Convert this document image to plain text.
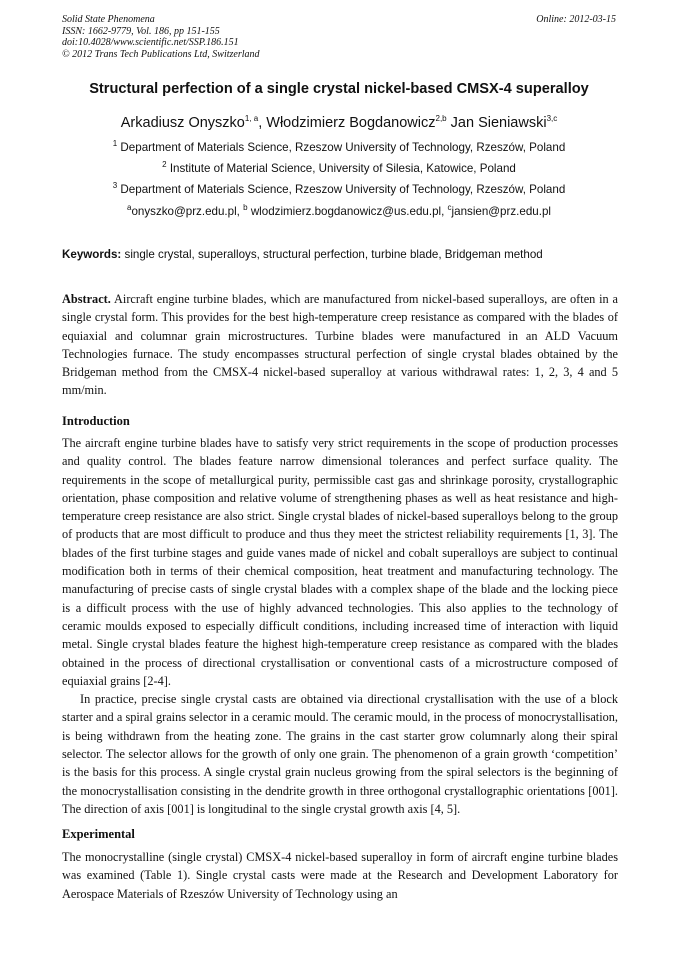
Solid State Phenomena
ISSN: 1662-9779, Vol. 186, pp 151-155
doi:10.4028/www.scientific.net/SSP.186.151
© 2012 Trans Tech Publications Ltd, Switzerland
Online: 2012-03-15
Structural perfection of a single crystal nickel-based CMSX-4 superalloy
Arkadiusz Onyszko$^{1, a}$, Włodzimierz Bogdanowicz$^{2,b}$ Jan Sieniawski$^{3,c}$
$^1$ Department of Materials Science, Rzeszow University of Technology, Rzeszów, Poland
$^2$ Institute of Material Science, University of Silesia, Katowice, Poland
$^3$ Department of Materials Science, Rzeszow University of Technology, Rzeszów, Poland
$^a$onyszko@prz.edu.pl, $^b$ wlodzimierz.bogdanowicz@us.edu.pl, $^c$jansien@prz.edu.pl
Keywords: single crystal, superalloys, structural perfection, turbine blade, Bridgeman method
Abstract. Aircraft engine turbine blades, which are manufactured from nickel-based superalloys, are often in a single crystal form. This provides for the best high-temperature creep resistance as compared with the blades of equiaxial and columnar grain microstructures. Turbine blades were manufactured in an ALD Vacuum Technologies furnace. The study encompasses structural perfection of single crystal blades obtained by the Bridgeman method from the CMSX-4 nickel-based superalloy at various withdrawal rates: 1, 2, 3, 4 and 5 mm/min.
Introduction

The aircraft engine turbine blades have to satisfy very strict requirements in the scope of production processes and quality control. The blades feature narrow dimensional tolerances and perfect surface quality. The requirements in the scope of metallurgical purity, permissible cast gas and shrinkage porosity, crystallographic orientation, phase composition and relative volume of strengthening phases as well as heat resistance and high-temperature creep resistance are also strict. Single crystal blades of nickel-based superalloys belong to the group of products that are most difficult to produce and thus they meet the strictest reliability requirements [1, 3]. The blades of the first turbine stages and guide vanes made of nickel and cobalt superalloys are subject to continual modification both in terms of their chemical composition, heat treatment and manufacturing technology. The manufacturing of precise casts of single crystal blades with a complex shape of the blade and the locking piece is a difficult process with the use of highly advanced technologies. This also applies to the technology of ceramic moulds exposed to especially difficult conditions, including increased time of interaction with liquid metal. Single crystal blades feature the highest high-temperature creep resistance as compared with the blades obtained in the process of directional crystallisation or conventional casts of a microstructure composed of equiaxial grains [2-4].

In practice, precise single crystal casts are obtained via directional crystallisation with the use of a block starter and a spiral grains selector in a ceramic mould. The ceramic mould, in the process of monocrystallisation, is being withdrawn from the heating zone. The grains in the cast starter grow columnarly along their spiral selector. The selector allows for the growth of only one grain. The phenomenon of a grain growth ‘competition’ is the basis for this process. A single crystal grain nucleus growing from the spiral selectors is the beginning of the monocrystallisation consisting in the dendrite growth in three orthogonal crystallographic orientations [001]. The direction of axis [001] is longitudinal to the single crystal growth axis [4, 5].

Experimental

The monocrystalline (single crystal) CMSX-4 nickel-based superalloy in form of aircraft engine turbine blades was examined (Table 1). Single crystal casts were made at the Research and Development Laboratory for Aerospace Materials of Rzeszów University of Technology using an
